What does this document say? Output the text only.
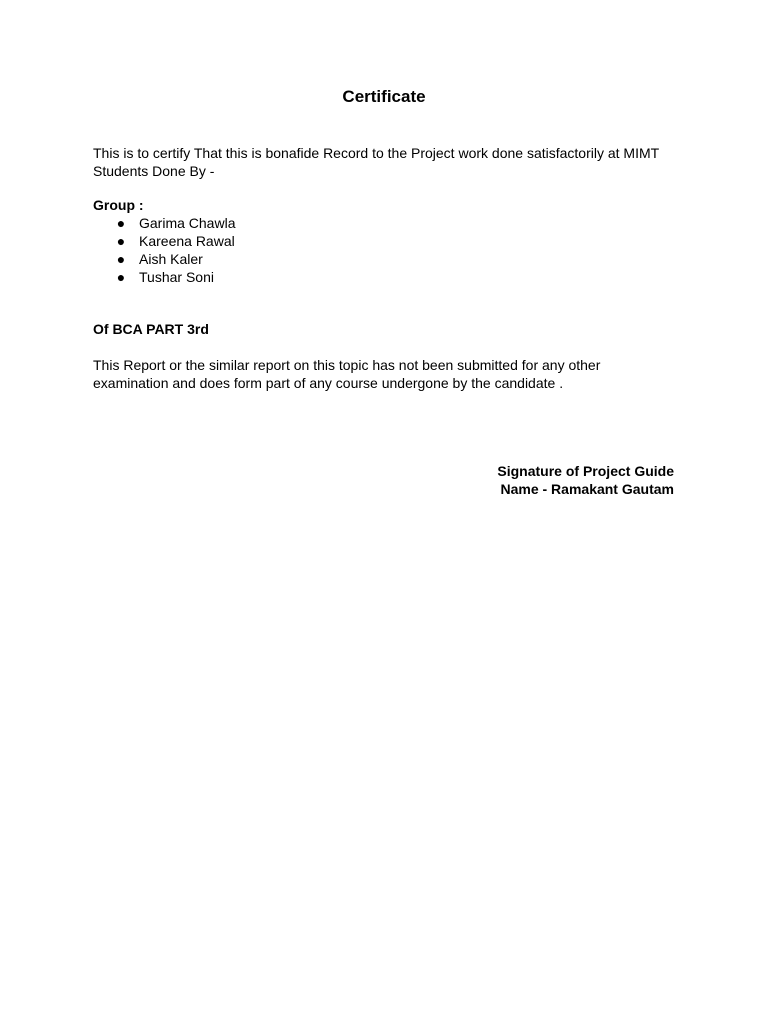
Certificate
This is to certify That this is bonafide Record to the Project work done satisfactorily at MIMT
Students Done By -
Group :
● Garima Chawla
● Kareena Rawal
● Aish Kaler
● Tushar Soni
Of BCA PART 3rd
This Report or the similar report on this topic has not been submitted for any other
examination and does form part of any course undergone by the candidate .
Signature of Project Guide
Name - Ramakant Gautam
